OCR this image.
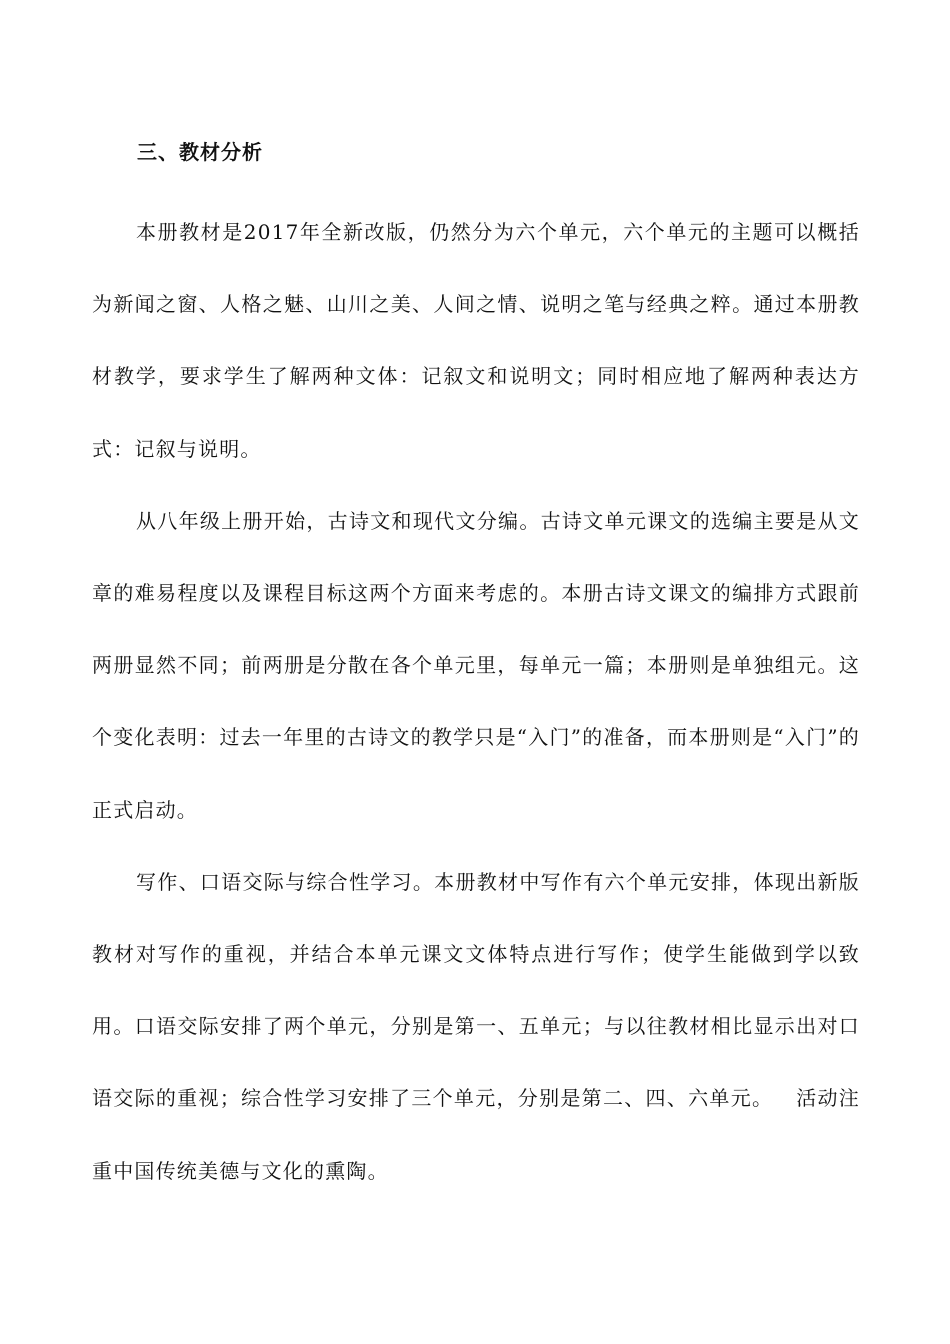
三、教材分析

本册教材是2017年全新改版，仍然分为六个单元，六个单元的主题可以概括为新闻之窗、人格之魅、山川之美、人间之情、说明之笔与经典之粹。通过本册教材教学，要求学生了解两种文体：记叙文和说明文；同时相应地了解两种表达方式：记叙与说明。

从八年级上册开始，古诗文和现代文分编。古诗文单元课文的选编主要是从文章的难易程度以及课程目标这两个方面来考虑的。本册古诗文课文的编排方式跟前两册显然不同；前两册是分散在各个单元里，每单元一篇；本册则是单独组元。这个变化表明：过去一年里的古诗文的教学只是“入门”的准备，而本册则是“入门”的正式启动。

写作、口语交际与综合性学习。本册教材中写作有六个单元安排，体现出新版教材对写作的重视，并结合本单元课文文体特点进行写作；使学生能做到学以致用。口语交际安排了两个单元，分别是第一、五单元；与以往教材相比显示出对口语交际的重视；综合性学习安排了三个单元，分别是第二、四、六单元。   活动注重中国传统美德与文化的熏陶。
